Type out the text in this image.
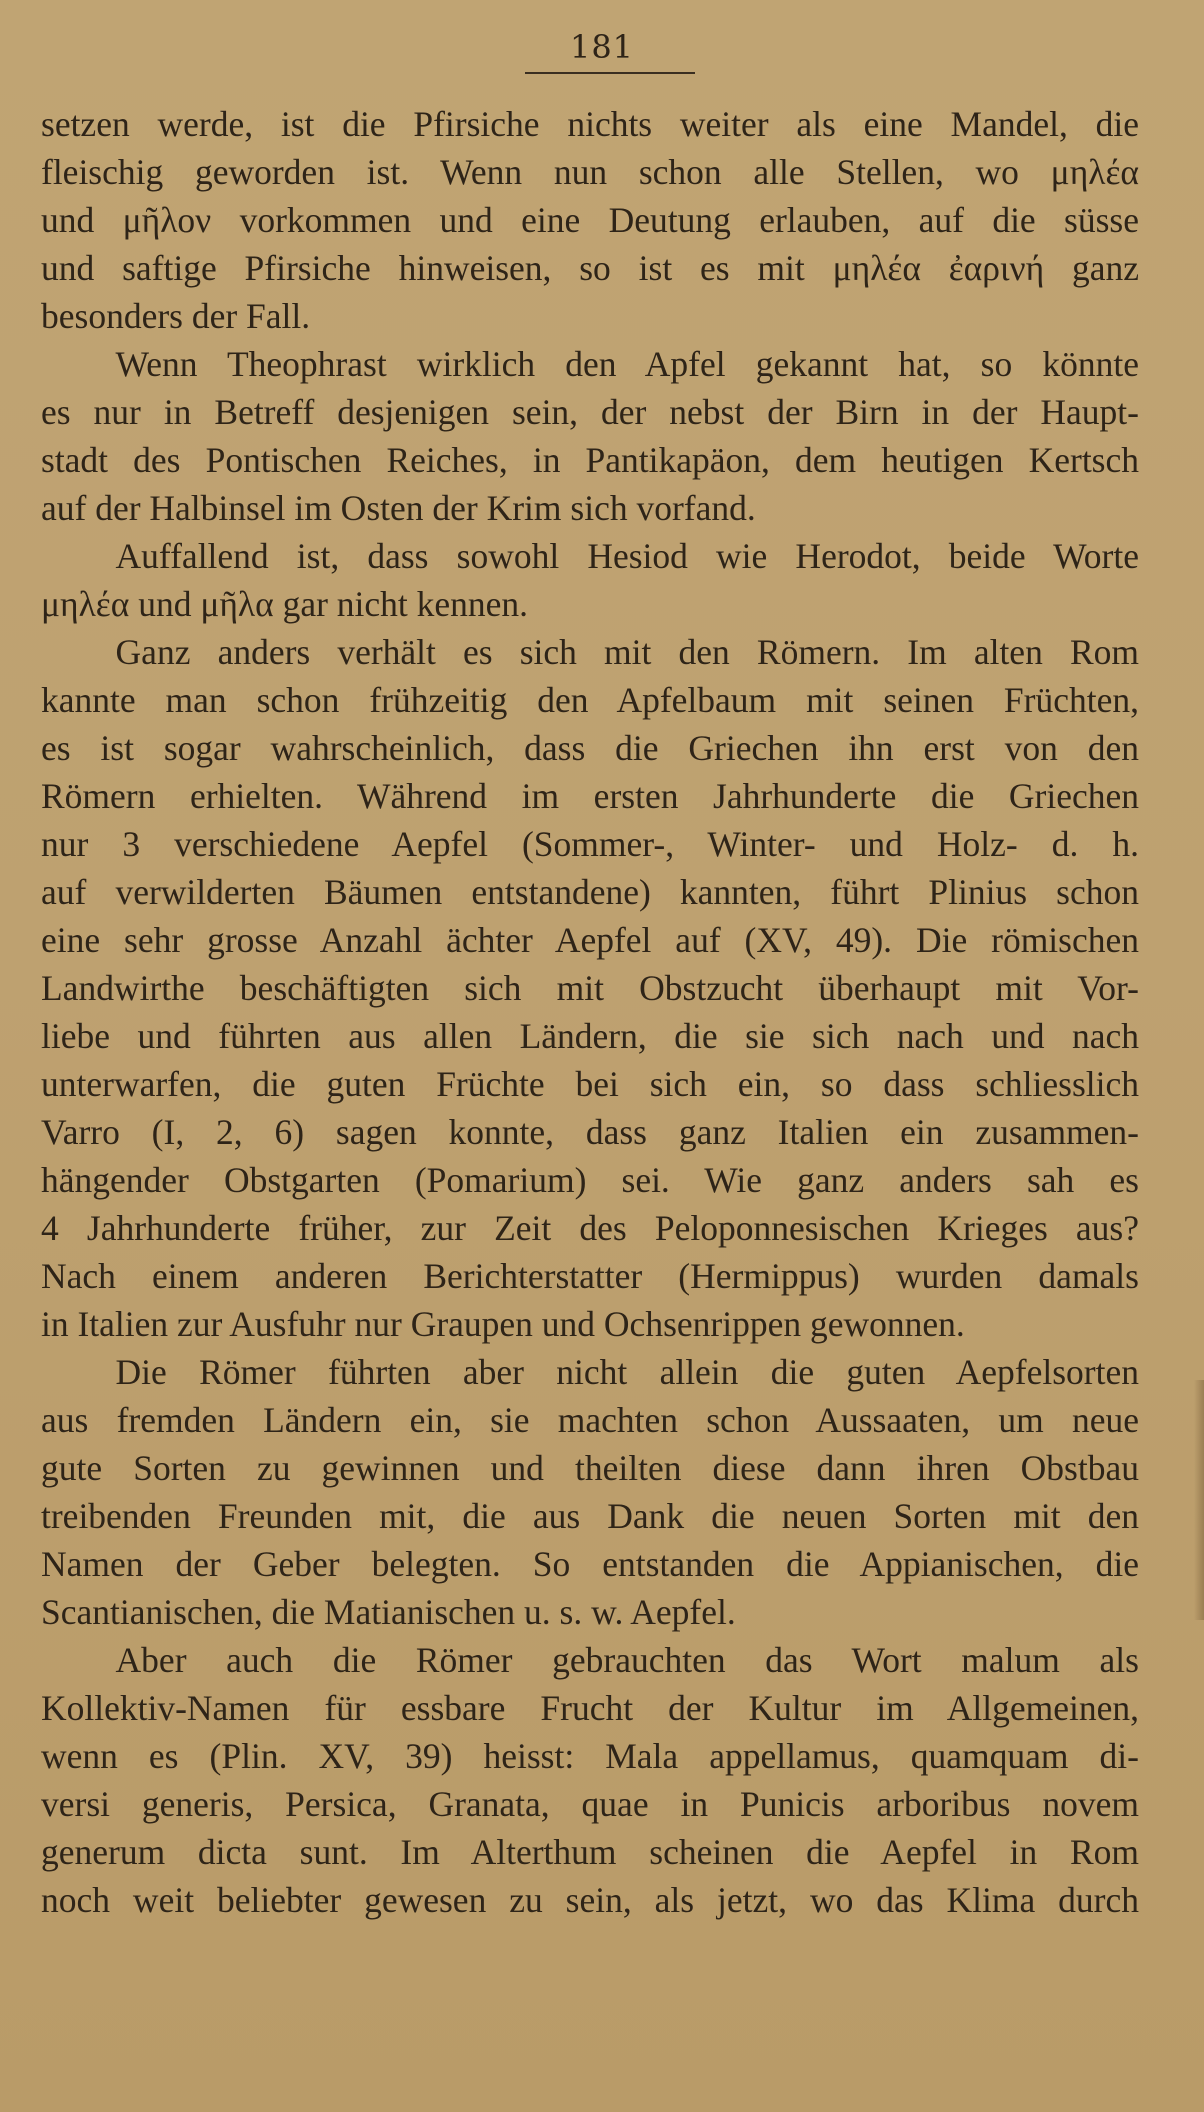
181

setzen werde, ist die Pfirsiche nichts weiter als eine Mandel, die
fleischig geworden ist. Wenn nun schon alle Stellen, wo μηλέα
und μῆλον vorkommen und eine Deutung erlauben, auf die süsse
und saftige Pfirsiche hinweisen, so ist es mit μηλέα ἐαρινή ganz
besonders der Fall.

Wenn Theophrast wirklich den Apfel gekannt hat, so könnte
es nur in Betreff desjenigen sein, der nebst der Birn in der Haupt-
stadt des Pontischen Reiches, in Pantikapäon, dem heutigen Kertsch
auf der Halbinsel im Osten der Krim sich vorfand.

Auffallend ist, dass sowohl Hesiod wie Herodot, beide Worte
μηλέα und μῆλα gar nicht kennen.

Ganz anders verhält es sich mit den Römern. Im alten Rom
kannte man schon frühzeitig den Apfelbaum mit seinen Früchten,
es ist sogar wahrscheinlich, dass die Griechen ihn erst von den
Römern erhielten. Während im ersten Jahrhunderte die Griechen
nur 3 verschiedene Aepfel (Sommer-, Winter- und Holz- d. h.
auf verwilderten Bäumen entstandene) kannten, führt Plinius schon
eine sehr grosse Anzahl ächter Aepfel auf (XV, 49). Die römischen
Landwirthe beschäftigten sich mit Obstzucht überhaupt mit Vor-
liebe und führten aus allen Ländern, die sie sich nach und nach
unterwarfen, die guten Früchte bei sich ein, so dass schliesslich
Varro (I, 2, 6) sagen konnte, dass ganz Italien ein zusammen-
hängender Obstgarten (Pomarium) sei. Wie ganz anders sah es
4 Jahrhunderte früher, zur Zeit des Peloponnesischen Krieges aus?
Nach einem anderen Berichterstatter (Hermippus) wurden damals
in Italien zur Ausfuhr nur Graupen und Ochsenrippen gewonnen.

Die Römer führten aber nicht allein die guten Aepfelsorten
aus fremden Ländern ein, sie machten schon Aussaaten, um neue
gute Sorten zu gewinnen und theilten diese dann ihren Obstbau
treibenden Freunden mit, die aus Dank die neuen Sorten mit den
Namen der Geber belegten. So entstanden die Appianischen, die
Scantianischen, die Matianischen u. s. w. Aepfel.

Aber auch die Römer gebrauchten das Wort malum als
Kollektiv-Namen für essbare Frucht der Kultur im Allgemeinen,
wenn es (Plin. XV, 39) heisst: Mala appellamus, quamquam di-
versi generis, Persica, Granata, quae in Punicis arboribus novem
generum dicta sunt. Im Alterthum scheinen die Aepfel in Rom
noch weit beliebter gewesen zu sein, als jetzt, wo das Klima durch
